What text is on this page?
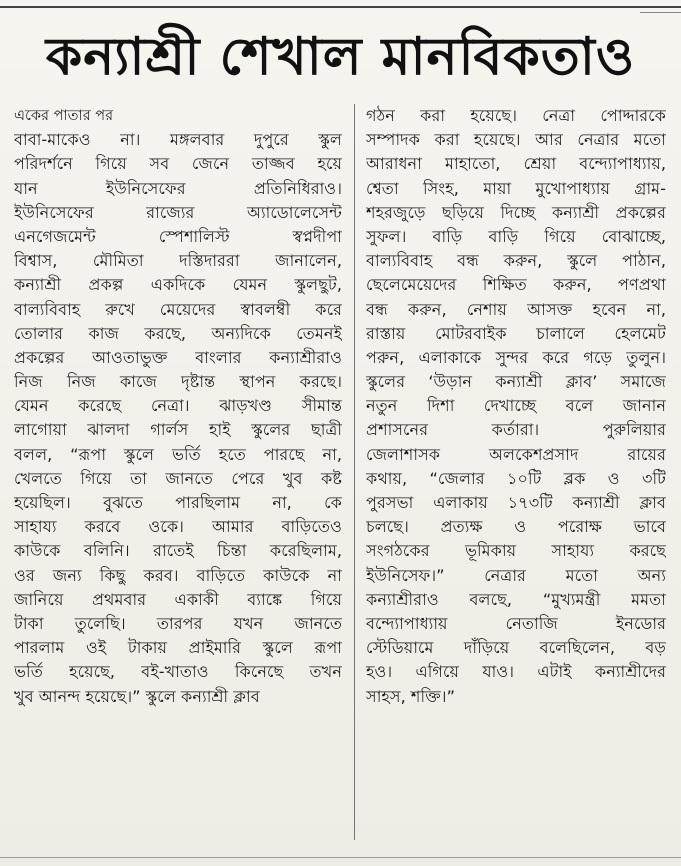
কন্যাশ্রী শেখাল মানবিকতাও
একের পাতার পর
বাবা-মাকেও না। মঙ্গলবার দুপুরে স্কুল
পরিদর্শনে গিয়ে সব জেনে তাজ্জব হয়ে
যান ইউনিসেফের প্রতিনিধিরাও।
ইউনিসেফের রাজ্যের অ্যাডোলেসেন্ট
এনগেজমেন্ট স্পেশালিস্ট স্বপ্নদীপা
বিশ্বাস, মৌমিতা দস্তিদাররা জানালেন,
কন্যাশ্রী প্রকল্প একদিকে যেমন স্কুলছুট,
বাল্যবিবাহ রুখে মেয়েদের স্বাবলম্বী করে
তোলার কাজ করছে, অন্যদিকে তেমনই
প্রকল্পের আওতাভুক্ত বাংলার কন্যাশ্রীরাও
নিজ নিজ কাজে দৃষ্টান্ত স্থাপন করছে।
যেমন করেছে নেত্রা। ঝাড়খণ্ড সীমান্ত
লাগোয়া ঝালদা গার্লস হাই স্কুলের ছাত্রী
বলল, “রূপা স্কুলে ভর্তি হতে পারছে না,
খেলতে গিয়ে তা জানতে পেরে খুব কষ্ট
হয়েছিল। বুঝতে পারছিলাম না, কে
সাহায্য করবে ওকে। আমার বাড়িতেও
কাউকে বলিনি। রাতেই চিন্তা করেছিলাম,
ওর জন্য কিছু করব। বাড়িতে কাউকে না
জানিয়ে প্রথমবার একাকী ব্যাঙ্কে গিয়ে
টাকা তুলেছি। তারপর যখন জানতে
পারলাম ওই টাকায় প্রাইমারি স্কুলে রূপা
ভর্তি হয়েছে, বই-খাতাও কিনেছে তখন
খুব আনন্দ হয়েছে।” স্কুলে কন্যাশ্রী ক্লাব
গঠন করা হয়েছে। নেত্রা পোদ্দারকে
সম্পাদক করা হয়েছে। আর নেত্রার মতো
আরাধনা মাহাতো, শ্রেয়া বন্দ্যোপাধ্যায়,
শ্বেতা সিংহ, মায়া মুখোপাধ্যায় গ্রাম-
শহরজুড়ে ছড়িয়ে দিচ্ছে কন্যাশ্রী প্রকল্পের
সুফল। বাড়ি বাড়ি গিয়ে বোঝাচ্ছে,
বাল্যবিবাহ বন্ধ করুন, স্কুলে পাঠান,
ছেলেমেয়েদের শিক্ষিত করুন, পণপ্রথা
বন্ধ করুন, নেশায় আসক্ত হবেন না,
রাস্তায় মোটরবাইক চালালে হেলমেট
পরুন, এলাকাকে সুন্দর করে গড়ে তুলুন।
স্কুলের ‘উড়ান কন্যাশ্রী ক্লাব’ সমাজে
নতুন দিশা দেখাচ্ছে বলে জানান
প্রশাসনের কর্তারা। পুরুলিয়ার
জেলাশাসক অলকেশপ্রসাদ রায়ের
কথায়, “জেলার ১০টি ব্লক ও ৩টি
পুরসভা এলাকায় ১৭৩টি কন্যাশ্রী ক্লাব
চলছে। প্রত্যক্ষ ও পরোক্ষ ভাবে
সংগঠকের ভূমিকায় সাহায্য করছে
ইউনিসেফ।” নেত্রার মতো অন্য
কন্যাশ্রীরাও বলছে, “মুখ্যমন্ত্রী মমতা
বন্দ্যোপাধ্যায় নেতাজি ইনডোর
স্টেডিয়ামে দাঁড়িয়ে বলেছিলেন, বড়
হও। এগিয়ে যাও। এটাই কন্যাশ্রীদের
সাহস, শক্তি।”
